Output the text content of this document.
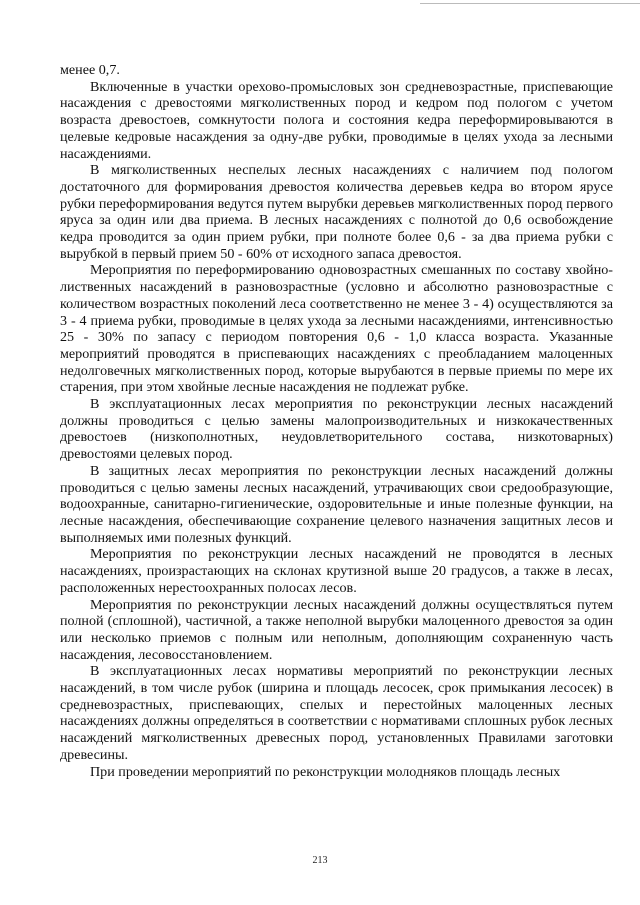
менее 0,7.

Включенные в участки орехово-промысловых зон средневозрастные, приспевающие насаждения с древостоями мягколиственных пород и кедром под пологом с учетом возраста древостоев, сомкнутости полога и состояния кедра переформировываются в целевые кедровые насаждения за одну-две рубки, проводимые в целях ухода за лесными насаждениями.

В мягколиственных неспелых лесных насаждениях с наличием под пологом достаточного для формирования древостоя количества деревьев кедра во втором ярусе рубки переформирования ведутся путем вырубки деревьев мягколиственных пород первого яруса за один или два приема. В лесных насаждениях с полнотой до 0,6 освобождение кедра проводится за один прием рубки, при полноте более 0,6 - за два приема рубки с вырубкой в первый прием 50 - 60% от исходного запаса древостоя.

Мероприятия по переформированию одновозрастных смешанных по составу хвойно-лиственных насаждений в разновозрастные (условно и абсолютно разновозрастные с количеством возрастных поколений леса соответственно не менее 3 - 4) осуществляются за 3 - 4 приема рубки, проводимые в целях ухода за лесными насаждениями, интенсивностью 25 - 30% по запасу с периодом повторения 0,6 - 1,0 класса возраста. Указанные мероприятий проводятся в приспевающих насаждениях с преобладанием малоценных недолговечных мягколиственных пород, которые вырубаются в первые приемы по мере их старения, при этом хвойные лесные насаждения не подлежат рубке.

В эксплуатационных лесах мероприятия по реконструкции лесных насаждений должны проводиться с целью замены малопроизводительных и низкокачественных древостоев (низкополнотных, неудовлетворительного состава, низкотоварных) древостоями целевых пород.

В защитных лесах мероприятия по реконструкции лесных насаждений должны проводиться с целью замены лесных насаждений, утрачивающих свои средообразующие, водоохранные, санитарно-гигиенические, оздоровительные и иные полезные функции, на лесные насаждения, обеспечивающие сохранение целевого назначения защитных лесов и выполняемых ими полезных функций.

Мероприятия по реконструкции лесных насаждений не проводятся в лесных насаждениях, произрастающих на склонах крутизной выше 20 градусов, а также в лесах, расположенных нерестоохранных полосах лесов.

Мероприятия по реконструкции лесных насаждений должны осуществляться путем полной (сплошной), частичной, а также неполной вырубки малоценного древостоя за один или несколько приемов с полным или неполным, дополняющим сохраненную часть насаждения, лесовосстановлением.

В эксплуатационных лесах нормативы мероприятий по реконструкции лесных насаждений, в том числе рубок (ширина и площадь лесосек, срок примыкания лесосек) в средневозрастных, приспевающих, спелых и перестойных малоценных лесных насаждениях должны определяться в соответствии с нормативами сплошных рубок лесных насаждений мягколиственных древесных пород, установленных Правилами заготовки древесины.

При проведении мероприятий по реконструкции молодняков площадь лесных

213
